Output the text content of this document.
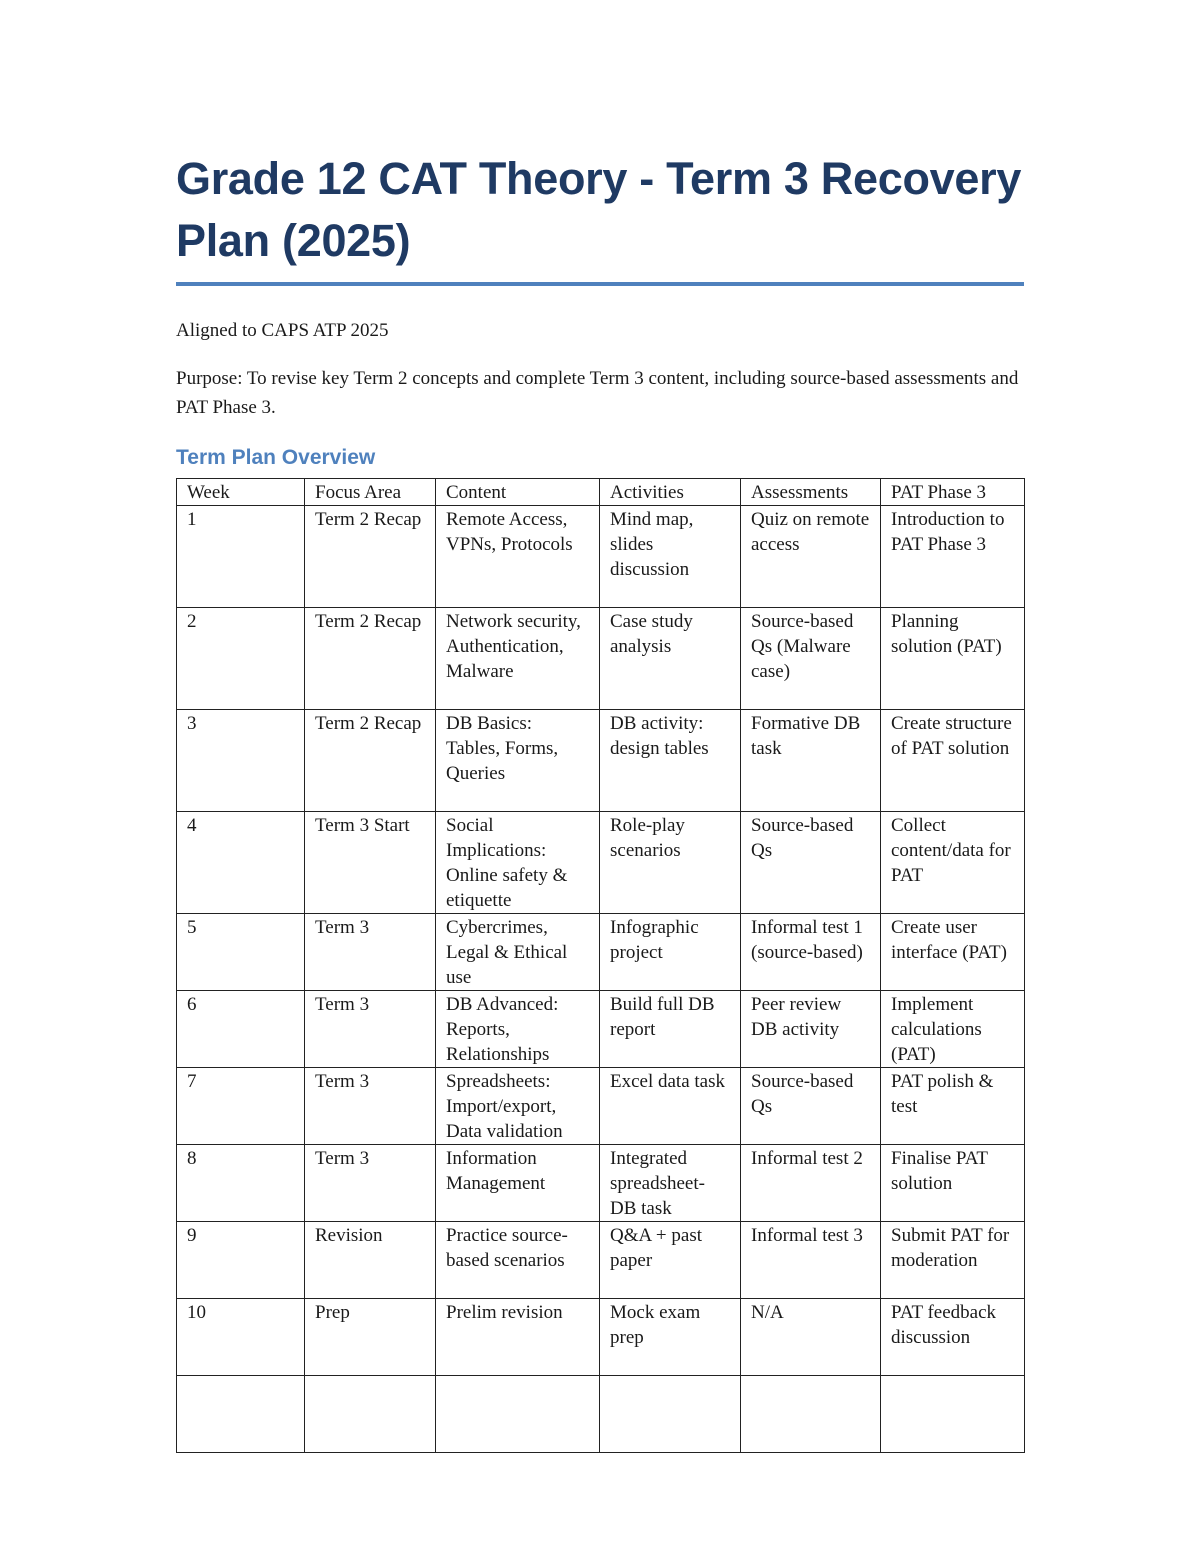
Grade 12 CAT Theory - Term 3 Recovery Plan (2025)

Aligned to CAPS ATP 2025

Purpose: To revise key Term 2 concepts and complete Term 3 content, including source-based assessments and PAT Phase 3.

Term Plan Overview
Week	Focus Area	Content	Activities	Assessments	PAT Phase 3
1	Term 2 Recap	Remote Access, VPNs, Protocols	Mind map, slides discussion	Quiz on remote access	Introduction to PAT Phase 3
2	Term 2 Recap	Network security, Authentication, Malware	Case study analysis	Source-based Qs (Malware case)	Planning solution (PAT)
3	Term 2 Recap	DB Basics: Tables, Forms, Queries	DB activity: design tables	Formative DB task	Create structure of PAT solution
4	Term 3 Start	Social Implications: Online safety & etiquette	Role-play scenarios	Source-based Qs	Collect content/data for PAT
5	Term 3	Cybercrimes, Legal & Ethical use	Infographic project	Informal test 1 (source-based)	Create user interface (PAT)
6	Term 3	DB Advanced: Reports, Relationships	Build full DB report	Peer review DB activity	Implement calculations (PAT)
7	Term 3	Spreadsheets: Import/export, Data validation	Excel data task	Source-based Qs	PAT polish & test
8	Term 3	Information Management	Integrated spreadsheet-DB task	Informal test 2	Finalise PAT solution
9	Revision	Practice source-based scenarios	Q&A + past paper	Informal test 3	Submit PAT for moderation
10	Prep	Prelim revision	Mock exam prep	N/A	PAT feedback discussion
